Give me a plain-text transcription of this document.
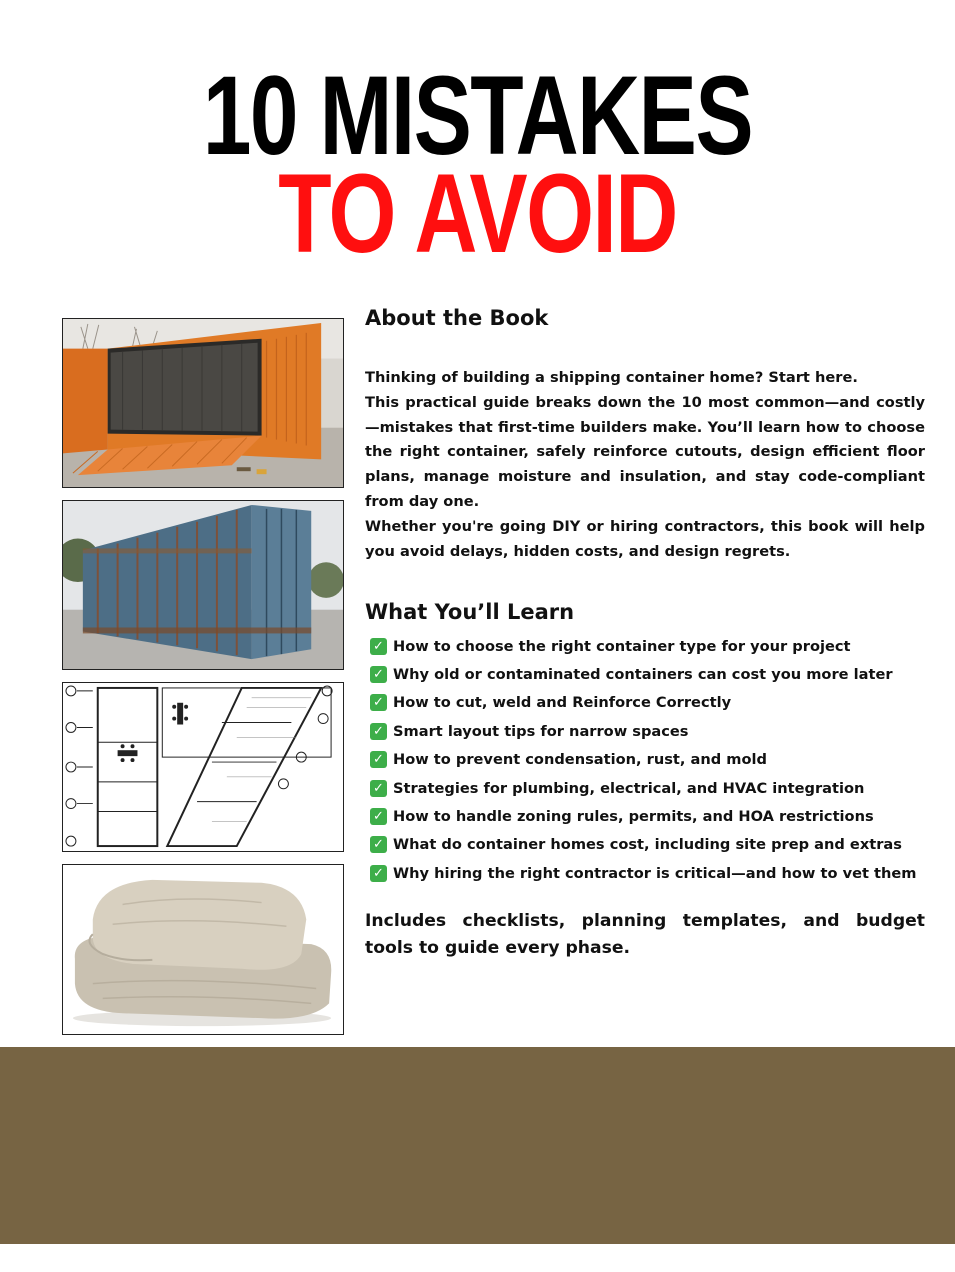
10 MISTAKES
TO AVOID
About the Book

Thinking of building a shipping container home? Start here.

This practical guide breaks down the 10 most common—and costly—mistakes that first-time builders make. You’ll learn how to choose the right container, safely reinforce cutouts, design efficient floor plans, manage moisture and insulation, and stay code-compliant from day one.

Whether you're going DIY or hiring contractors, this book will help you avoid delays, hidden costs, and design regrets.

What You’ll Learn
✓ How to choose the right container type for your project
✓ Why old or contaminated containers can cost you more later
✓ How to cut, weld and Reinforce Correctly
✓ Smart layout tips for narrow spaces
✓ How to prevent condensation, rust, and mold
✓ Strategies for plumbing, electrical, and HVAC integration
✓ How to handle zoning rules, permits, and HOA restrictions
✓ What do container homes cost, including site prep and extras
✓ Why hiring the right contractor is critical—and how to vet them
Includes checklists, planning templates, and budget tools to guide every phase.
